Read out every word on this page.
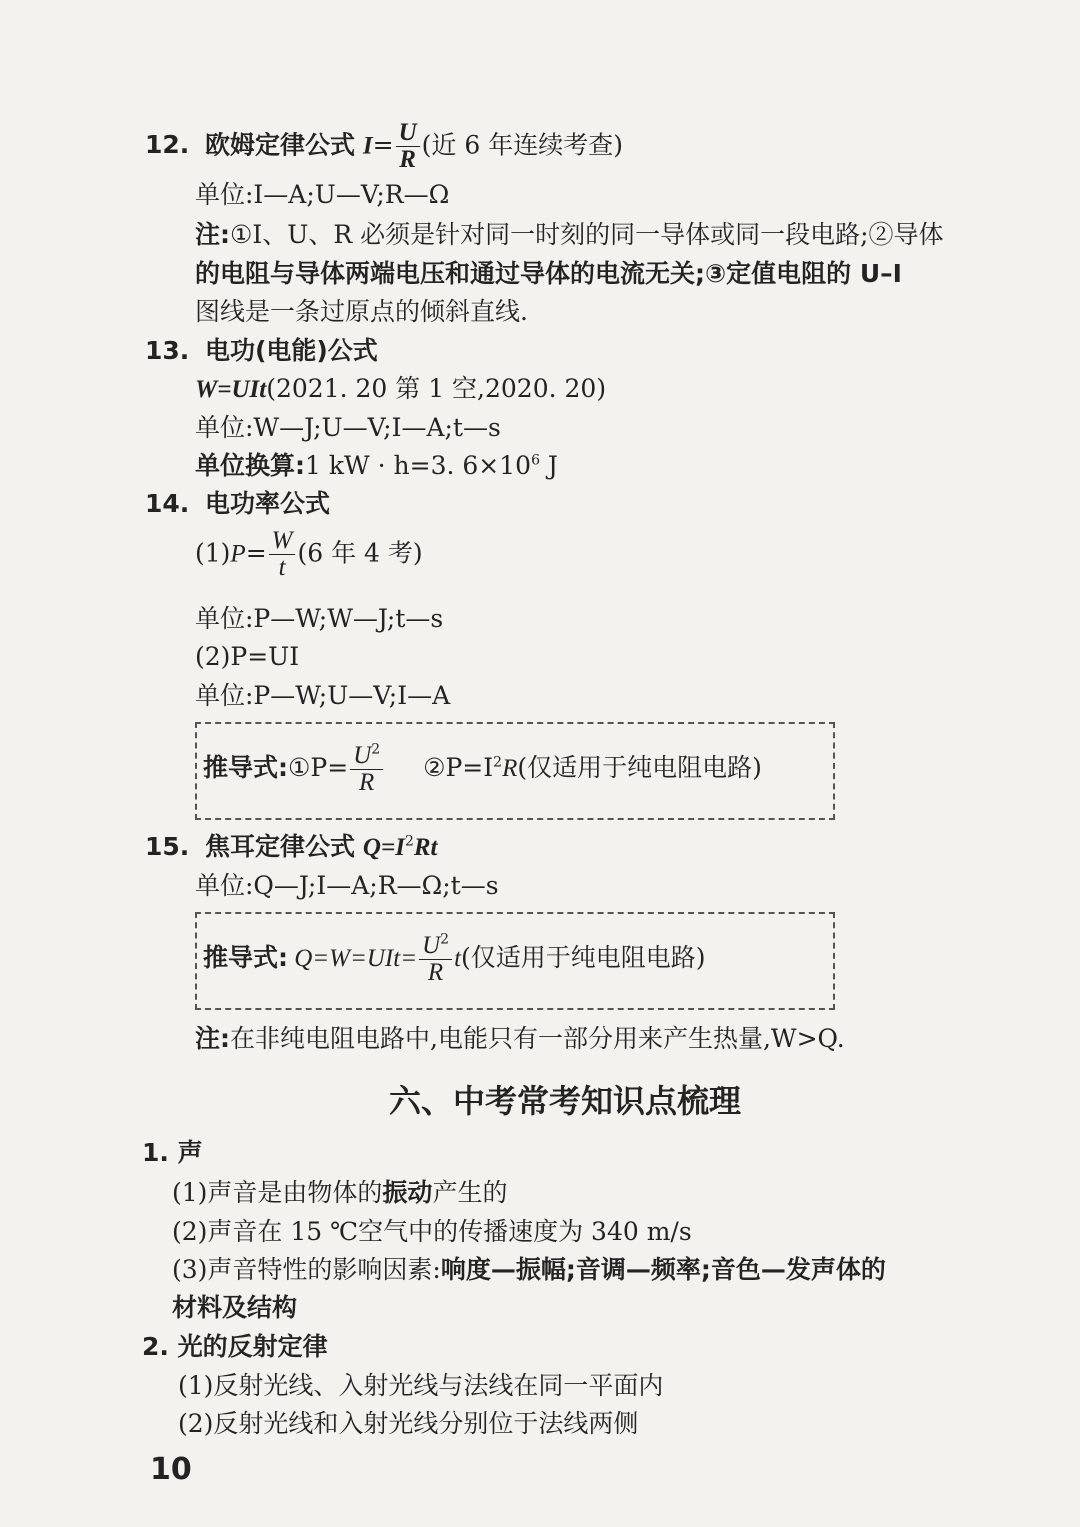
12. 欧姆定律公式 $I= \frac{U}{R}$ (近 6 年连续考查)
单位:I—A;U—V;R—Ω
注:①I、U、R 必须是针对同一时刻的同一导体或同一段电路;②导体
的电阻与导体两端电压和通过导体的电流无关;③定值电阻的 U–I
图线是一条过原点的倾斜直线.
13. 电功(电能)公式
W=UIt(2021. 20 第 1 空,2020. 20)
单位:W—J;U—V;I—A;t—s
单位换算:1 kW · h=3. $6\times 10^6$ J
14. 电功率公式
$(1)P= \frac{W}{t} (6$ 年 4 考)
单位:P—W;W—J;t—s
(2)P=UI
单位:P—W;U—V;I—A
推导式:①P= $\frac{U^2}{R}$ $②P=I^2R$(仅适用于纯电阻电路)
15. 焦耳定律公式 $Q=I^2Rt$
单位:Q—J;I—A;R—Ω;t—s
推导式: $Q=W=UIt= \frac{U^2}{R} t$(仅适用于纯电阻电路)
注:在非纯电阻电路中,电能只有一部分用来产生热量,W>Q.
六、中考常考知识点梳理
1. 声
(1)声音是由物体的振动产生的
(2)声音在 15 ℃空气中的传播速度为 340 m/s
(3)声音特性的影响因素:响度—振幅;音调—频率;音色—发声体的
材料及结构
2. 光的反射定律
(1)反射光线、入射光线与法线在同一平面内
(2)反射光线和入射光线分别位于法线两侧
10
